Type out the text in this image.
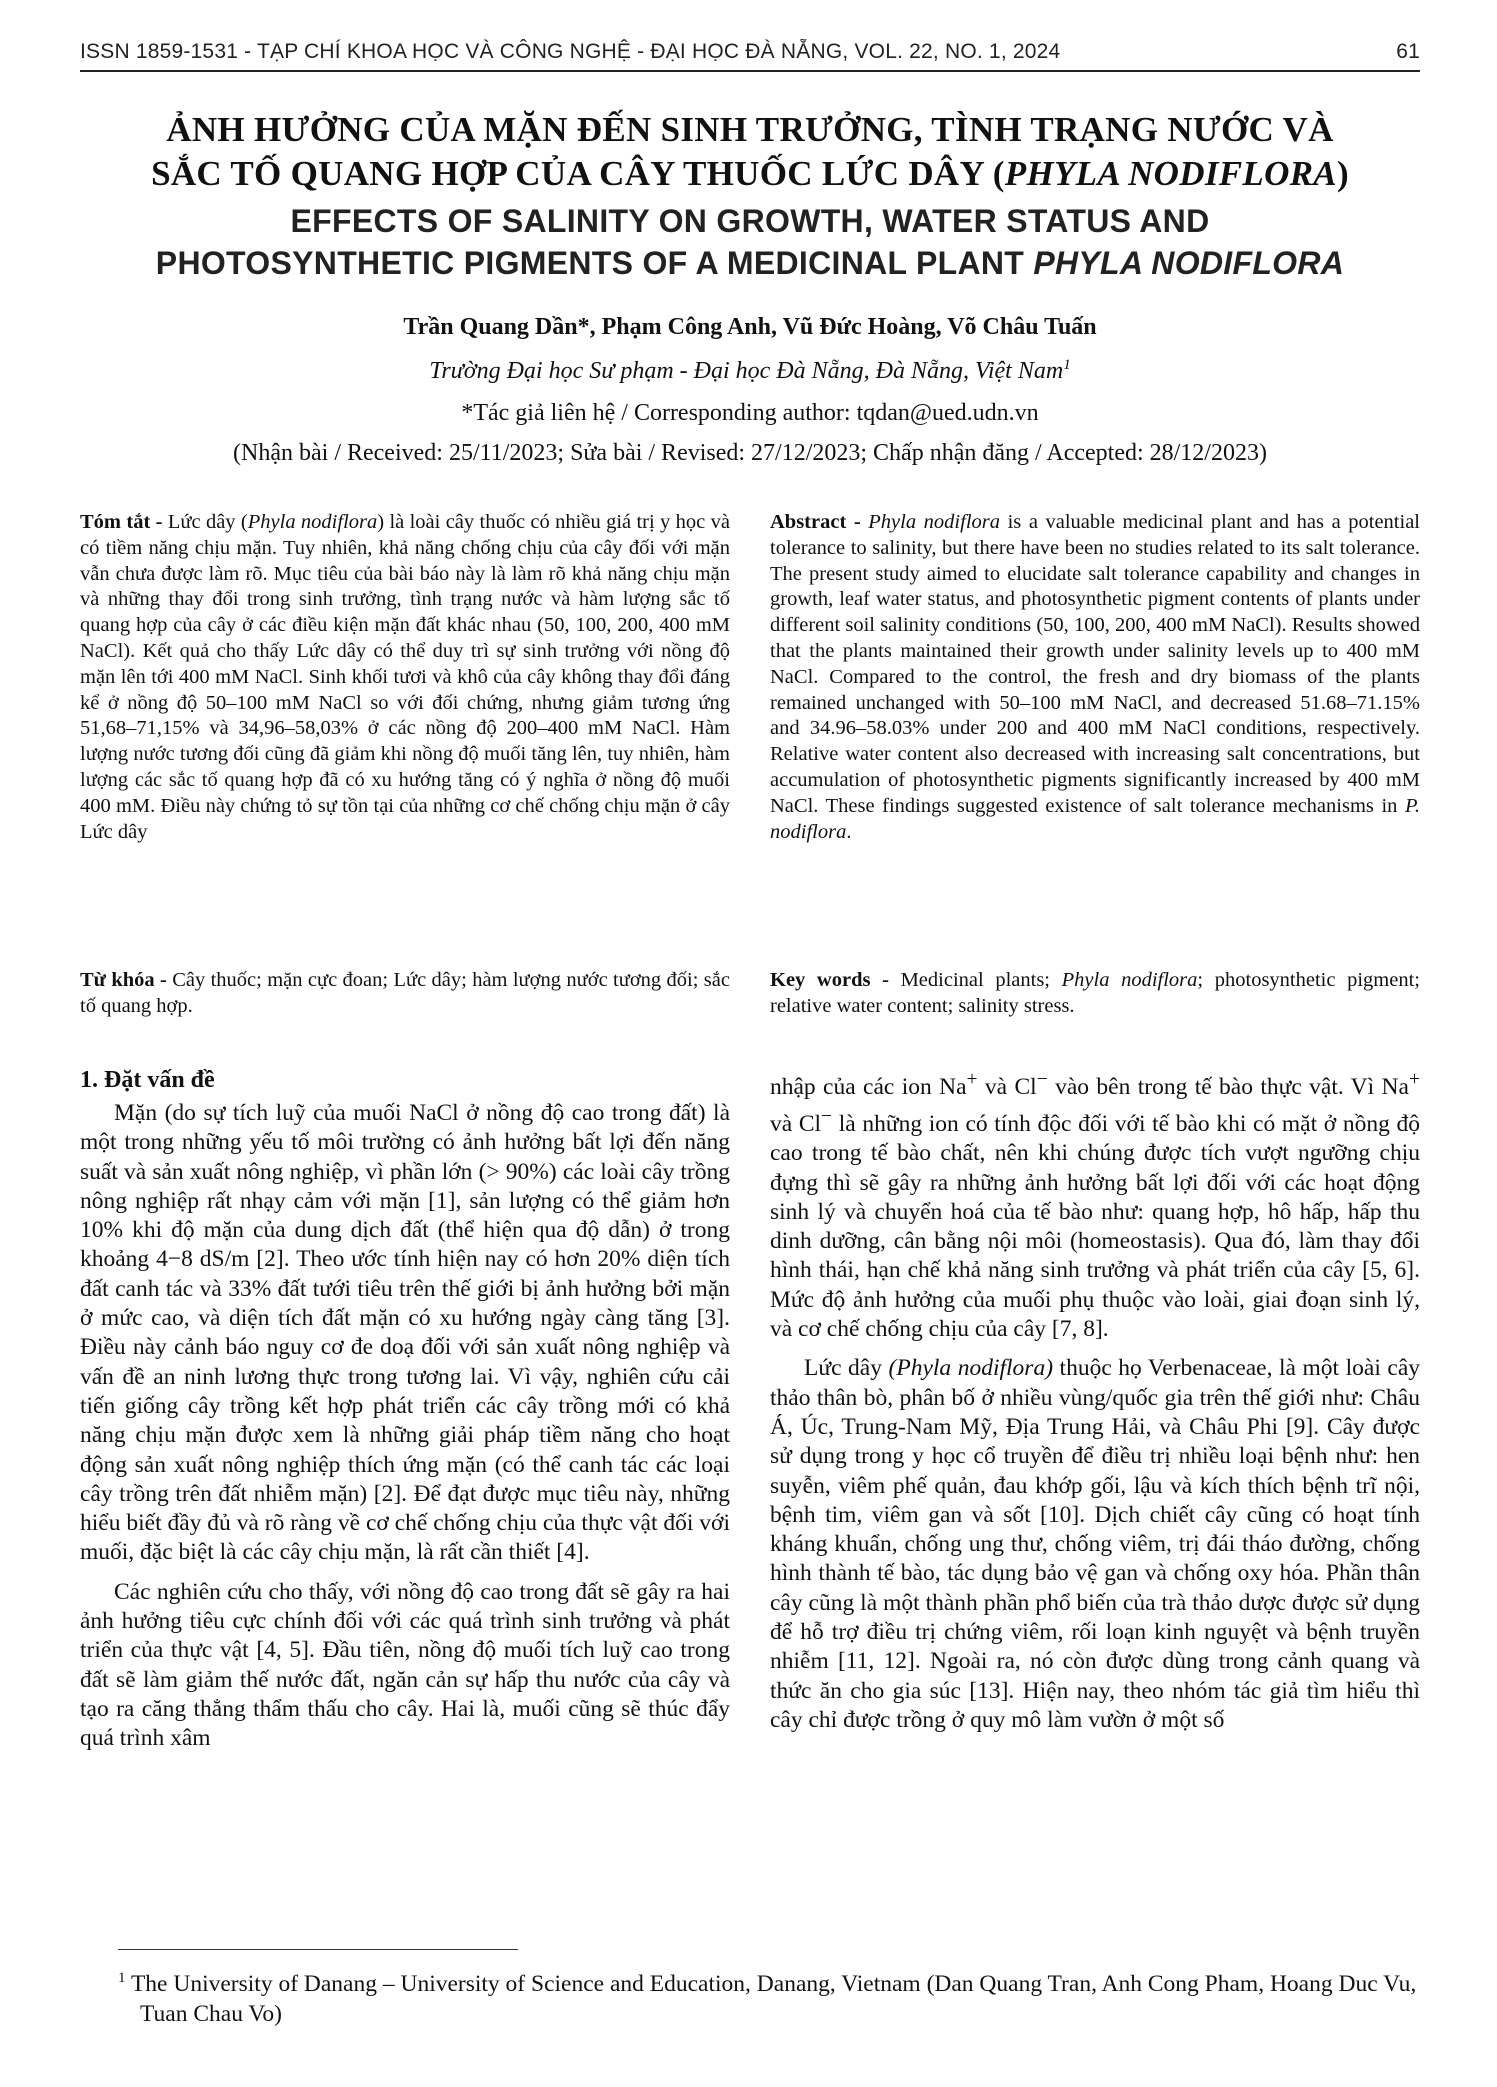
ISSN 1859-1531 - TẠP CHÍ KHOA HỌC VÀ CÔNG NGHỆ - ĐẠI HỌC ĐÀ NẴNG, VOL. 22, NO. 1, 2024	61
ẢNH HƯỞNG CỦA MẶN ĐẾN SINH TRƯỞNG, TÌNH TRẠNG NƯỚC VÀ
SẮC TỐ QUANG HỢP CỦA CÂY THUỐC LỨC DÂY (PHYLA NODIFLORA)
EFFECTS OF SALINITY ON GROWTH, WATER STATUS AND
PHOTOSYNTHETIC PIGMENTS OF A MEDICINAL PLANT PHYLA NODIFLORA
Trần Quang Dần*, Phạm Công Anh, Vũ Đức Hoàng, Võ Châu Tuấn
Trường Đại học Sư phạm - Đại học Đà Nẵng, Đà Nẵng, Việt Nam$^1$
*Tác giả liên hệ / Corresponding author: tqdan@ued.udn.vn
(Nhận bài / Received: 25/11/2023; Sửa bài / Revised: 27/12/2023; Chấp nhận đăng / Accepted: 28/12/2023)
Tóm tắt - Lức dây (Phyla nodiflora) là loài cây thuốc có nhiều giá trị y học và có tiềm năng chịu mặn. Tuy nhiên, khả năng chống chịu của cây đối với mặn vẫn chưa được làm rõ. Mục tiêu của bài báo này là làm rõ khả năng chịu mặn và những thay đổi trong sinh trưởng, tình trạng nước và hàm lượng sắc tố quang hợp của cây ở các điều kiện mặn đất khác nhau (50, 100, 200, 400 mM NaCl). Kết quả cho thấy Lức dây có thể duy trì sự sinh trưởng với nồng độ mặn lên tới 400 mM NaCl. Sinh khối tươi và khô của cây không thay đổi đáng kể ở nồng độ 50–100 mM NaCl so với đối chứng, nhưng giảm tương ứng 51,68–71,15% và 34,96–58,03% ở các nồng độ 200–400 mM NaCl. Hàm lượng nước tương đối cũng đã giảm khi nồng độ muối tăng lên, tuy nhiên, hàm lượng các sắc tố quang hợp đã có xu hướng tăng có ý nghĩa ở nồng độ muối 400 mM. Điều này chứng tỏ sự tồn tại của những cơ chế chống chịu mặn ở cây Lức dây
Abstract - Phyla nodiflora is a valuable medicinal plant and has a potential tolerance to salinity, but there have been no studies related to its salt tolerance. The present study aimed to elucidate salt tolerance capability and changes in growth, leaf water status, and photosynthetic pigment contents of plants under different soil salinity conditions (50, 100, 200, 400 mM NaCl). Results showed that the plants maintained their growth under salinity levels up to 400 mM NaCl. Compared to the control, the fresh and dry biomass of the plants remained unchanged with 50–100 mM NaCl, and decreased 51.68–71.15% and 34.96–58.03% under 200 and 400 mM NaCl conditions, respectively. Relative water content also decreased with increasing salt concentrations, but accumulation of photosynthetic pigments significantly increased by 400 mM NaCl. These findings suggested existence of salt tolerance mechanisms in P. nodiflora.
Từ khóa - Cây thuốc; mặn cực đoan; Lức dây; hàm lượng nước tương đối; sắc tố quang hợp.
Key words - Medicinal plants; Phyla nodiflora; photosynthetic pigment; relative water content; salinity stress.
1. Đặt vấn đề

Mặn (do sự tích luỹ của muối NaCl ở nồng độ cao trong đất) là một trong những yếu tố môi trường có ảnh hưởng bất lợi đến năng suất và sản xuất nông nghiệp, vì phần lớn (> 90%) các loài cây trồng nông nghiệp rất nhạy cảm với mặn [1], sản lượng có thể giảm hơn 10% khi độ mặn của dung dịch đất (thể hiện qua độ dẫn) ở trong khoảng 4−8 dS/m [2]. Theo ước tính hiện nay có hơn 20% diện tích đất canh tác và 33% đất tưới tiêu trên thế giới bị ảnh hưởng bởi mặn ở mức cao, và diện tích đất mặn có xu hướng ngày càng tăng [3]. Điều này cảnh báo nguy cơ đe doạ đối với sản xuất nông nghiệp và vấn đề an ninh lương thực trong tương lai. Vì vậy, nghiên cứu cải tiến giống cây trồng kết hợp phát triển các cây trồng mới có khả năng chịu mặn được xem là những giải pháp tiềm năng cho hoạt động sản xuất nông nghiệp thích ứng mặn (có thể canh tác các loại cây trồng trên đất nhiễm mặn) [2]. Để đạt được mục tiêu này, những hiểu biết đầy đủ và rõ ràng về cơ chế chống chịu của thực vật đối với muối, đặc biệt là các cây chịu mặn, là rất cần thiết [4].

Các nghiên cứu cho thấy, với nồng độ cao trong đất sẽ gây ra hai ảnh hưởng tiêu cực chính đối với các quá trình sinh trưởng và phát triển của thực vật [4, 5]. Đầu tiên, nồng độ muối tích luỹ cao trong đất sẽ làm giảm thế nước đất, ngăn cản sự hấp thu nước của cây và tạo ra căng thẳng thẩm thấu cho cây. Hai là, muối cũng sẽ thúc đẩy quá trình xâm

nhập của các ion Na+ và Cl− vào bên trong tế bào thực vật. Vì Na+ và Cl− là những ion có tính độc đối với tế bào khi có mặt ở nồng độ cao trong tế bào chất, nên khi chúng được tích vượt ngưỡng chịu đựng thì sẽ gây ra những ảnh hưởng bất lợi đối với các hoạt động sinh lý và chuyển hoá của tế bào như: quang hợp, hô hấp, hấp thu dinh dưỡng, cân bằng nội môi (homeostasis). Qua đó, làm thay đổi hình thái, hạn chế khả năng sinh trưởng và phát triển của cây [5, 6]. Mức độ ảnh hưởng của muối phụ thuộc vào loài, giai đoạn sinh lý, và cơ chế chống chịu của cây [7, 8].

Lức dây (Phyla nodiflora) thuộc họ Verbenaceae, là một loài cây thảo thân bò, phân bố ở nhiều vùng/quốc gia trên thế giới như: Châu Á, Úc, Trung-Nam Mỹ, Địa Trung Hải, và Châu Phi [9]. Cây được sử dụng trong y học cổ truyền để điều trị nhiều loại bệnh như: hen suyễn, viêm phế quản, đau khớp gối, lậu và kích thích bệnh trĩ nội, bệnh tim, viêm gan và sốt [10]. Dịch chiết cây cũng có hoạt tính kháng khuẩn, chống ung thư, chống viêm, trị đái tháo đường, chống hình thành tế bào, tác dụng bảo vệ gan và chống oxy hóa. Phần thân cây cũng là một thành phần phổ biến của trà thảo dược được sử dụng để hỗ trợ điều trị chứng viêm, rối loạn kinh nguyệt và bệnh truyền nhiễm [11, 12]. Ngoài ra, nó còn được dùng trong cảnh quang và thức ăn cho gia súc [13]. Hiện nay, theo nhóm tác giả tìm hiểu thì cây chỉ được trồng ở quy mô làm vườn ở một số

$^1$ The University of Danang – University of Science and Education, Danang, Vietnam (Dan Quang Tran, Anh Cong Pham, Hoang Duc Vu, Tuan Chau Vo)
